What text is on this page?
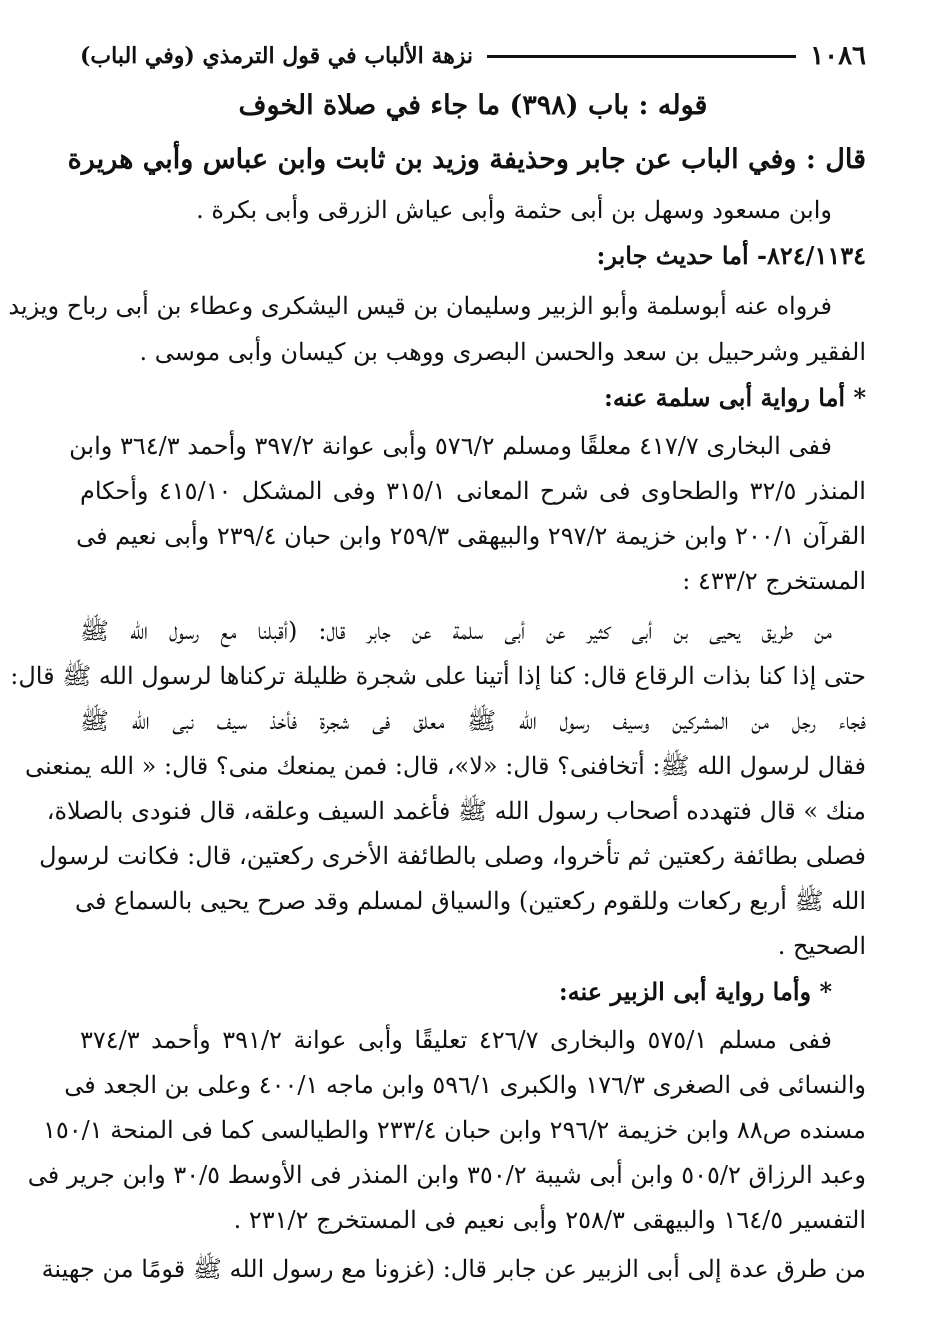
١٠٨٦
نزهة الألباب في قول الترمذي (وفي الباب)
قوله : باب (٣٩٨) ما جاء في صلاة الخوف
قال : وفي الباب عن جابر وحذيفة وزيد بن ثابت وابن عباس وأبي هريرة
وابن مسعود وسهل بن أبى حثمة وأبى عياش الزرقى وأبى بكرة .
٨٢٤/١١٣٤- أما حديث جابر:
فرواه عنه أبوسلمة وأبو الزبير وسليمان بن قيس اليشكرى وعطاء بن أبى رباح ويزيد
الفقير وشرحبيل بن سعد والحسن البصرى ووهب بن كيسان وأبى موسى .
* أما رواية أبى سلمة عنه:
ففى البخارى ٤١٧/٧ معلقًا ومسلم ٥٧٦/٢ وأبى عوانة ٣٩٧/٢ وأحمد ٣٦٤/٣ وابن
المنذر ٣٢/٥ والطحاوى فى شرح المعانى ٣١٥/١ وفى المشكل ٤١٥/١٠ وأحكام
القرآن ٢٠٠/١ وابن خزيمة ٢٩٧/٢ والبيهقى ٢٥٩/٣ وابن حبان ٢٣٩/٤ وأبى نعيم فى
المستخرج ٤٣٣/٢ :
من طريق يحيى بن أبى كثير عن أبى سلمة عن جابر قال: (أقبلنا مع رسول الله ﷺ
حتى إذا كنا بذات الرقاع قال: كنا إذا أتينا على شجرة ظليلة تركناها لرسول الله ﷺ قال:
فجاء رجل من المشركين وسيف رسول الله ﷺ معلق فى شجرة فأخذ سيف نبى الله ﷺ
فقال لرسول الله ﷺ: أتخافنى؟ قال: «لا»، قال: فمن يمنعك منى؟ قال: « الله يمنعنى
منك » قال فتهدده أصحاب رسول الله ﷺ فأغمد السيف وعلقه، قال فنودى بالصلاة،
فصلى بطائفة ركعتين ثم تأخروا، وصلى بالطائفة الأخرى ركعتين، قال: فكانت لرسول
الله ﷺ أربع ركعات وللقوم ركعتين) والسياق لمسلم وقد صرح يحيى بالسماع فى
الصحيح .
* وأما رواية أبى الزبير عنه:
ففى مسلم ٥٧٥/١ والبخارى ٤٢٦/٧ تعليقًا وأبى عوانة ٣٩١/٢ وأحمد ٣٧٤/٣
والنسائى فى الصغرى ١٧٦/٣ والكبرى ٥٩٦/١ وابن ماجه ٤٠٠/١ وعلى بن الجعد فى
مسنده ص٨٨ وابن خزيمة ٢٩٦/٢ وابن حبان ٢٣٣/٤ والطيالسى كما فى المنحة ١٥٠/١
وعبد الرزاق ٥٠٥/٢ وابن أبى شيبة ٣٥٠/٢ وابن المنذر فى الأوسط ٣٠/٥ وابن جرير فى
التفسير ١٦٤/٥ والبيهقى ٢٥٨/٣ وأبى نعيم فى المستخرج ٢٣١/٢ .
من طرق عدة إلى أبى الزبير عن جابر قال: (غزونا مع رسول الله ﷺ قومًا من جهينة
